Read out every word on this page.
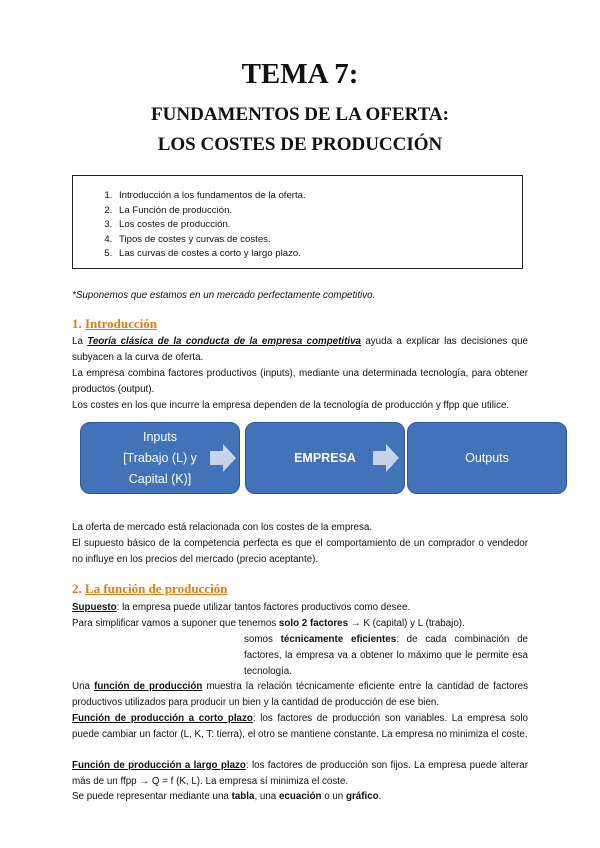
TEMA 7:
FUNDAMENTOS DE LA OFERTA:
LOS COSTES DE PRODUCCIÓN
1. Introducción a los fundamentos de la oferta.
2. La Función de producción.
3. Los costes de producción.
4. Tipos de costes y curvas de costes.
5. Las curvas de costes a corto y largo plazo.

*Suponemos que estamos en un mercado perfectamente competitivo.

1. Introducción

La Teoría clásica de la conducta de la empresa competitiva ayuda a explicar las decisiones que subyacen a la curva de oferta.

La empresa combina factores productivos (inputs), mediante una determinada tecnología, para obtener productos (output).

Los costes en los que incurre la empresa dependen de la tecnología de producción y ffpp que utilice.

Inputs
[Trabajo (L) y
Capital (K)]
EMPRESA	Outputs

La oferta de mercado está relacionada con los costes de la empresa.

El supuesto básico de la competencia perfecta es que el comportamiento de un comprador o vendedor no influye en los precios del mercado (precio aceptante).

2. La función de producción

Supuesto: la empresa puede utilizar tantos factores productivos como desee.

Para simplificar vamos a suponer que tenemos solo 2 factores → K (capital) y L (trabajo).

somos técnicamente eficientes: de cada combinación de factores, la empresa va a obtener lo máximo que le permite esa tecnología.

Una función de producción muestra la relación técnicamente eficiente entre la cantidad de factores productivos utilizados para producir un bien y la cantidad de producción de ese bien.

Función de producción a corto plazo: los factores de producción son variables. La empresa solo puede cambiar un factor (L, K, T: tierra), el otro se mantiene constante. La empresa no minimiza el coste.

Función de producción a largo plazo: los factores de producción son fijos. La empresa puede alterar más de un ffpp → Q = f (K, L). La empresa sí minimiza el coste.

Se puede representar mediante una tabla, una ecuación o un gráfico.
